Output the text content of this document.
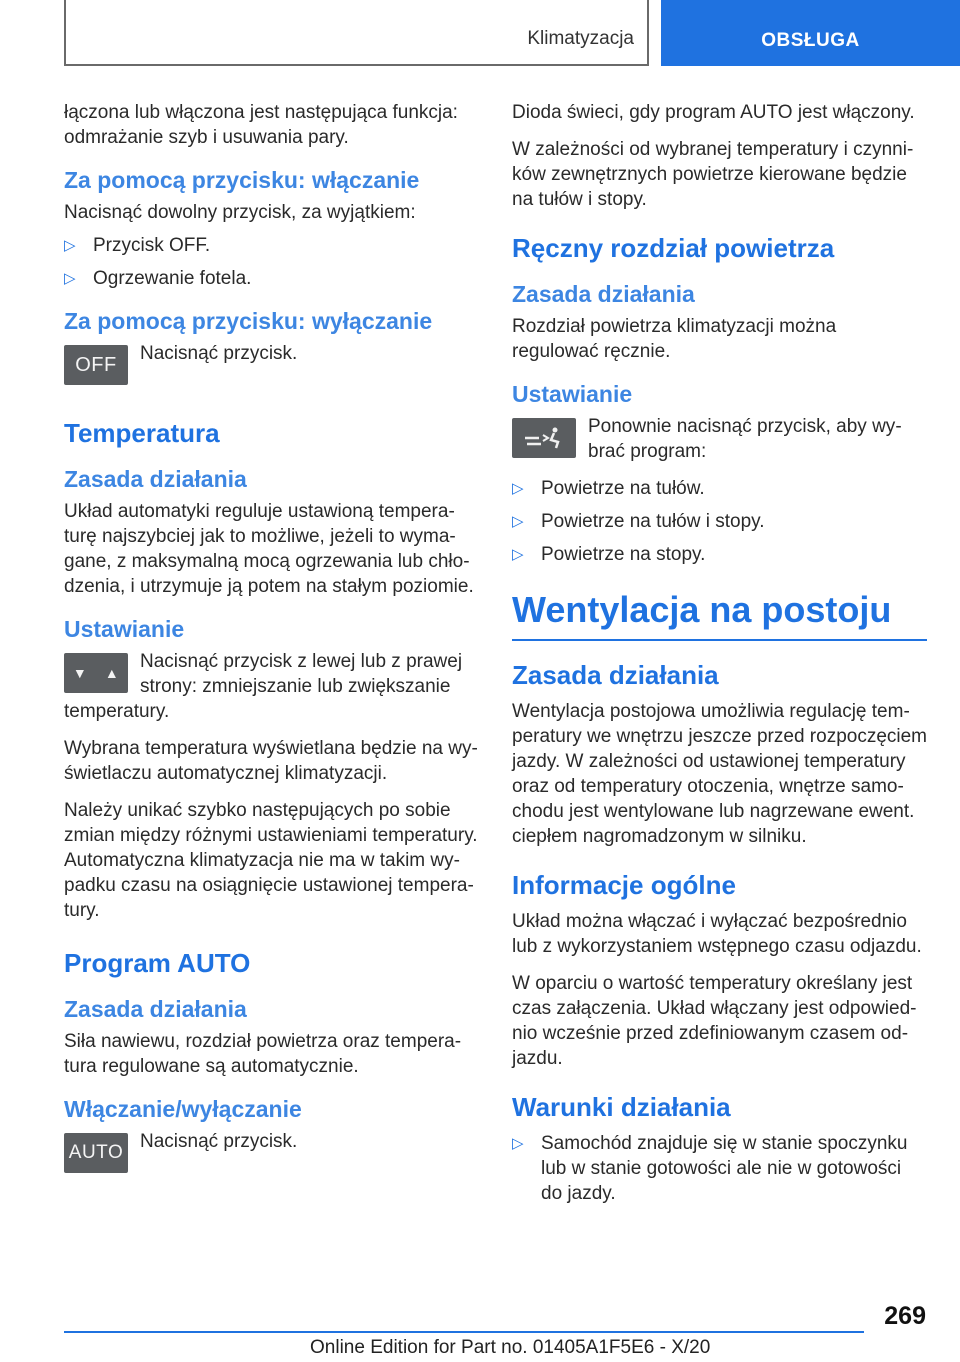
Klimatyzacja	OBSŁUGA

łączona lub włączona jest następująca funkcja: odmrażanie szyb i usuwania pary.

Za pomocą przycisku: włączanie

Nacisnąć dowolny przycisk, za wyjątkiem:

▷ Przycisk OFF.
▷ Ogrzewanie fotela.
Za pomocą przycisku: wyłączanie
OFF	Nacisnąć przycisk.

Temperatura
Zasada działania

Układ automatyki reguluje ustawioną temperaturę najszybciej jak to możliwe, jeżeli to wymagane, z maksymalną mocą ogrzewania lub chłodzenia, i utrzymuje ją potem na stałym poziomie.

Ustawianie
▼ ▲

Nacisnąć przycisk z lewej lub z prawej strony: zmniejszanie lub zwiększanie temperatury.

Wybrana temperatura wyświetlana będzie na wyświetlaczu automatycznej klimatyzacji.

Należy unikać szybko następujących po sobie zmian między różnymi ustawieniami temperatury. Automatyczna klimatyzacja nie ma w takim wypadku czasu na osiągnięcie ustawionej temperatury.

Program AUTO
Zasada działania

Siła nawiewu, rozdział powietrza oraz temperatura regulowane są automatycznie.

Włączanie/wyłączanie
AUTO

Nacisnąć przycisk.

Dioda świeci, gdy program AUTO jest włączony.

W zależności od wybranej temperatury i czynników zewnętrznych powietrze kierowane będzie na tułów i stopy.

Ręczny rozdział powietrza
Zasada działania

Rozdział powietrza klimatyzacji można regulować ręcznie.

Ustawianie

Ponownie nacisnąć przycisk, aby wybrać program:

▷ Powietrze na tułów.
▷ Powietrze na tułów i stopy.
▷ Powietrze na stopy.
Wentylacja na postoju
Zasada działania

Wentylacja postojowa umożliwia regulację temperatury we wnętrzu jeszcze przed rozpoczęciem jazdy. W zależności od ustawionej temperatury oraz od temperatury otoczenia, wnętrze samochodu jest wentylowane lub nagrzewane ewent. ciepłem nagromadzonym w silniku.

Informacje ogólne

Układ można włączać i wyłączać bezpośrednio lub z wykorzystaniem wstępnego czasu odjazdu.

W oparciu o wartość temperatury określany jest czas załączenia. Układ włączany jest odpowiednio wcześnie przed zdefiniowanym czasem odjazdu.

Warunki działania
▷ Samochód znajduje się w stanie spoczynku lub w stanie gotowości ale nie w gotowości do jazdy.
269
Online Edition for Part no. 01405A1F5E6 - X/20
